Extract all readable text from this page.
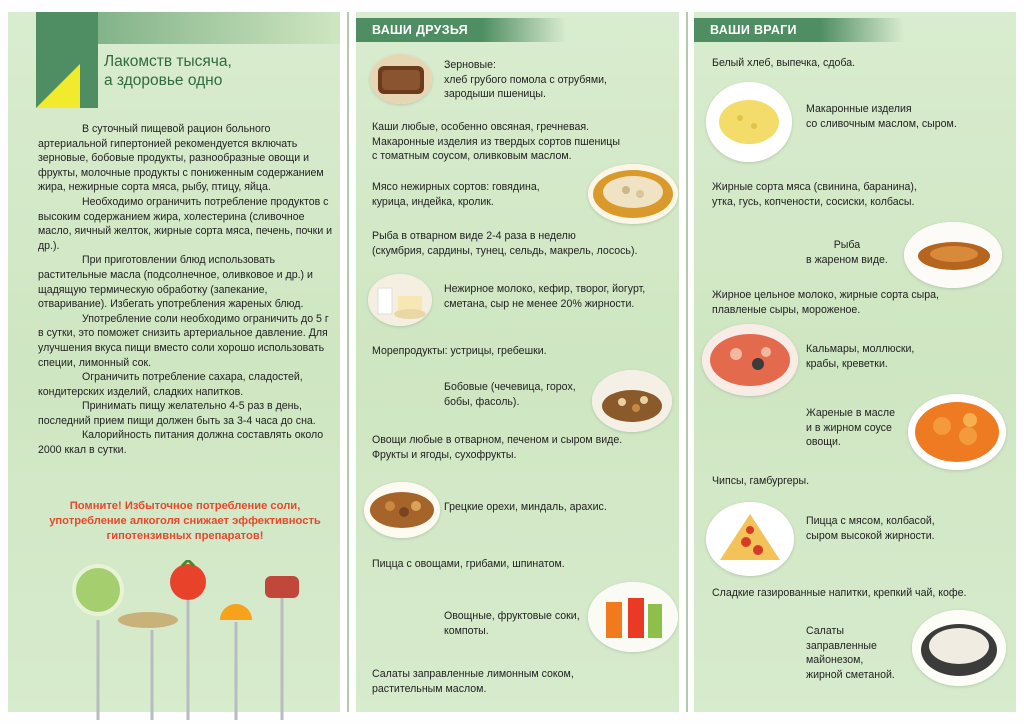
Лакомств тысяча,
а здоровье одно

В суточный пищевой рацион больного артериальной гипертонией рекомендуется включать зерновые, бобовые продукты, разнообразные овощи и фрукты, молочные продукты с пониженным содержанием жира, нежирные сорта мяса, рыбу, птицу, яйца.

Необходимо ограничить потребление продуктов с высоким содержанием жира, холестерина (сливочное масло, яичный желток, жирные сорта мяса, печень, почки и др.).

При приготовлении блюд использовать растительные масла (подсолнечное, оливковое и др.) и щадящую термическую обработку (запекание, отваривание). Избегать употребления жареных блюд.

Употребление соли необходимо ограничить до 5 г в сутки, это поможет снизить артериальное давление. Для улучшения вкуса пищи вместо соли хорошо использовать специи, лимонный сок.

Ограничить потребление сахара, сладостей, кондитерских изделий, сладких напитков.

Принимать пищу желательно 4-5 раз в день, последний прием пищи должен быть за 3-4 часа до сна.

Калорийность питания должна составлять около 2000 ккал в сутки.

Помните! Избыточное потребление соли, употребление алкоголя снижает эффективность гипотензивных препаратов!
ВАШИ ДРУЗЬЯ
Зерновые:
хлеб грубого помола с отрубями,
зародыши пшеницы.
Каши любые, особенно овсяная, гречневая.
Макаронные изделия из твердых сортов пшеницы
с томатным соусом, оливковым маслом.
Мясо нежирных сортов: говядина,
курица, индейка, кролик.
Рыба в отварном виде 2-4 раза в неделю
(скумбрия, сардины, тунец, сельдь, макрель, лосось).
Нежирное молоко, кефир, творог, йогурт,
сметана, сыр не менее 20% жирности.
Морепродукты: устрицы, гребешки.
Бобовые (чечевица, горох,
бобы, фасоль).
Овощи любые в отварном, печеном и сыром виде.
Фрукты и ягоды, сухофрукты.
Грецкие орехи, миндаль, арахис.
Пицца с овощами, грибами, шпинатом.
Овощные, фруктовые соки,
компоты.
Салаты заправленные лимонным соком,
растительным маслом.
ВАШИ ВРАГИ
Белый хлеб, выпечка, сдоба.
Макаронные изделия
со сливочным маслом, сыром.
Жирные сорта мяса (свинина, баранина),
утка, гусь, копчености, сосиски, колбасы.
Рыба
в жареном виде.
Жирное цельное молоко, жирные сорта сыра,
плавленые сыры, мороженое.
Кальмары, моллюски,
крабы, креветки.
Жареные в масле
и в жирном соусе
овощи.
Чипсы, гамбургеры.
Пицца с мясом, колбасой,
сыром высокой жирности.
Сладкие газированные напитки, крепкий чай, кофе.
Салаты
заправленные
майонезом,
жирной сметаной.
